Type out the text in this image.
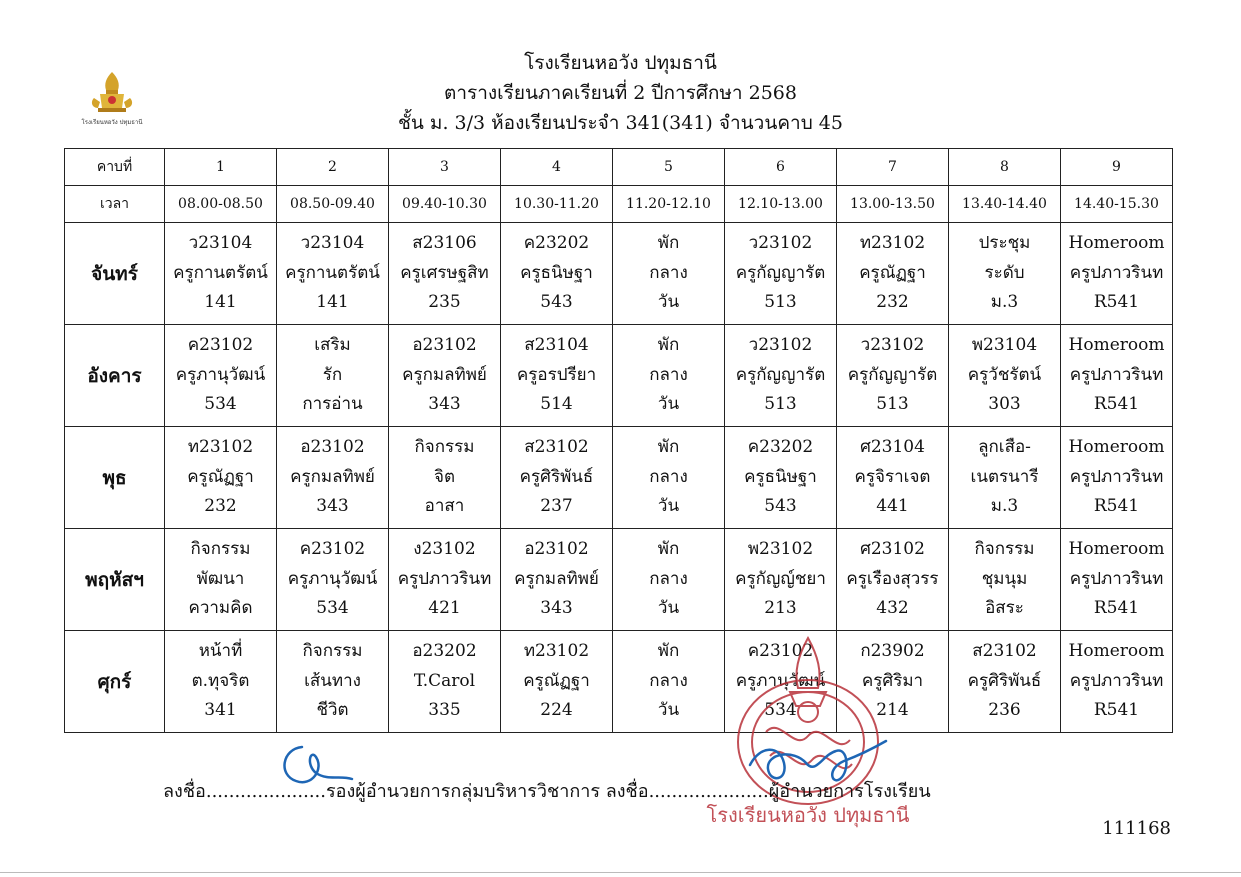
โรงเรียนหอวัง ปทุมธานี
โรงเรียนหอวัง ปทุมธานี
ตารางเรียนภาคเรียนที่ 2 ปีการศึกษา 2568
ชั้น ม. 3/3 ห้องเรียนประจำ 341(341) จำนวนคาบ 45
คาบที่	1	2	3	4	5	6	7	8	9
เวลา	08.00-08.50	08.50-09.40	09.40-10.30	10.30-11.20	11.20-12.10	12.10-13.00	13.00-13.50	13.40-14.40	14.40-15.30
จันทร์	ว23104
ครูกานตรัตน์
141	ว23104
ครูกานตรัตน์
141	ส23106
ครูเศรษฐสิท
235	ค23202
ครูธนิษฐา
543	พัก
กลาง
วัน	ว23102
ครูกัญญารัต
513	ท23102
ครูณัฏฐา
232	ประชุม
ระดับ
ม.3	Homeroom
ครูปภาวรินท
R541

อังคาร	ค23102
ครูภานุวัฒน์
534	เสริม
รัก
การอ่าน	อ23102
ครูกมลทิพย์
343	ส23104
ครูอรปรียา
514	พัก
กลาง
วัน	ว23102
ครูกัญญารัต
513	ว23102
ครูกัญญารัต
513	พ23104
ครูวัชรัตน์
303	Homeroom
ครูปภาวรินท
R541

พุธ	ท23102
ครูณัฏฐา
232	อ23102
ครูกมลทิพย์
343	กิจกรรม
จิต
อาสา	ส23102
ครูศิริพันธ์
237	พัก
กลาง
วัน	ค23202
ครูธนิษฐา
543	ศ23104
ครูจิราเจต
441	ลูกเสือ-
เนตรนารี
ม.3	Homeroom
ครูปภาวรินท
R541

พฤหัสฯ	กิจกรรม
พัฒนา
ความคิด	ค23102
ครูภานุวัฒน์
534	ง23102
ครูปภาวรินท
421	อ23102
ครูกมลทิพย์
343	พัก
กลาง
วัน	พ23102
ครูกัญญ์ชยา
213	ศ23102
ครูเรืองสุวรร
432	กิจกรรม
ชุมนุม
อิสระ	Homeroom
ครูปภาวรินท
R541

ศุกร์	หน้าที่
ต.ทุจริต
341	กิจกรรม
เส้นทาง
ชีวิต	อ23202
T.Carol
335	ท23102
ครูณัฏฐา
224	พัก
กลาง
วัน	ค23102
ครูภานุวัฒน์
534	ก23902
ครูศิริมา
214	ส23102
ครูศิริพันธ์
236	Homeroom
ครูปภาวรินท
R541
โรงเรียนหอวัง ปทุมธานี
ลงชื่อ.....................รองผู้อำนวยการกลุ่มบริหารวิชาการ ลงชื่อ.....................ผู้อำนวยการโรงเรียน
111168
